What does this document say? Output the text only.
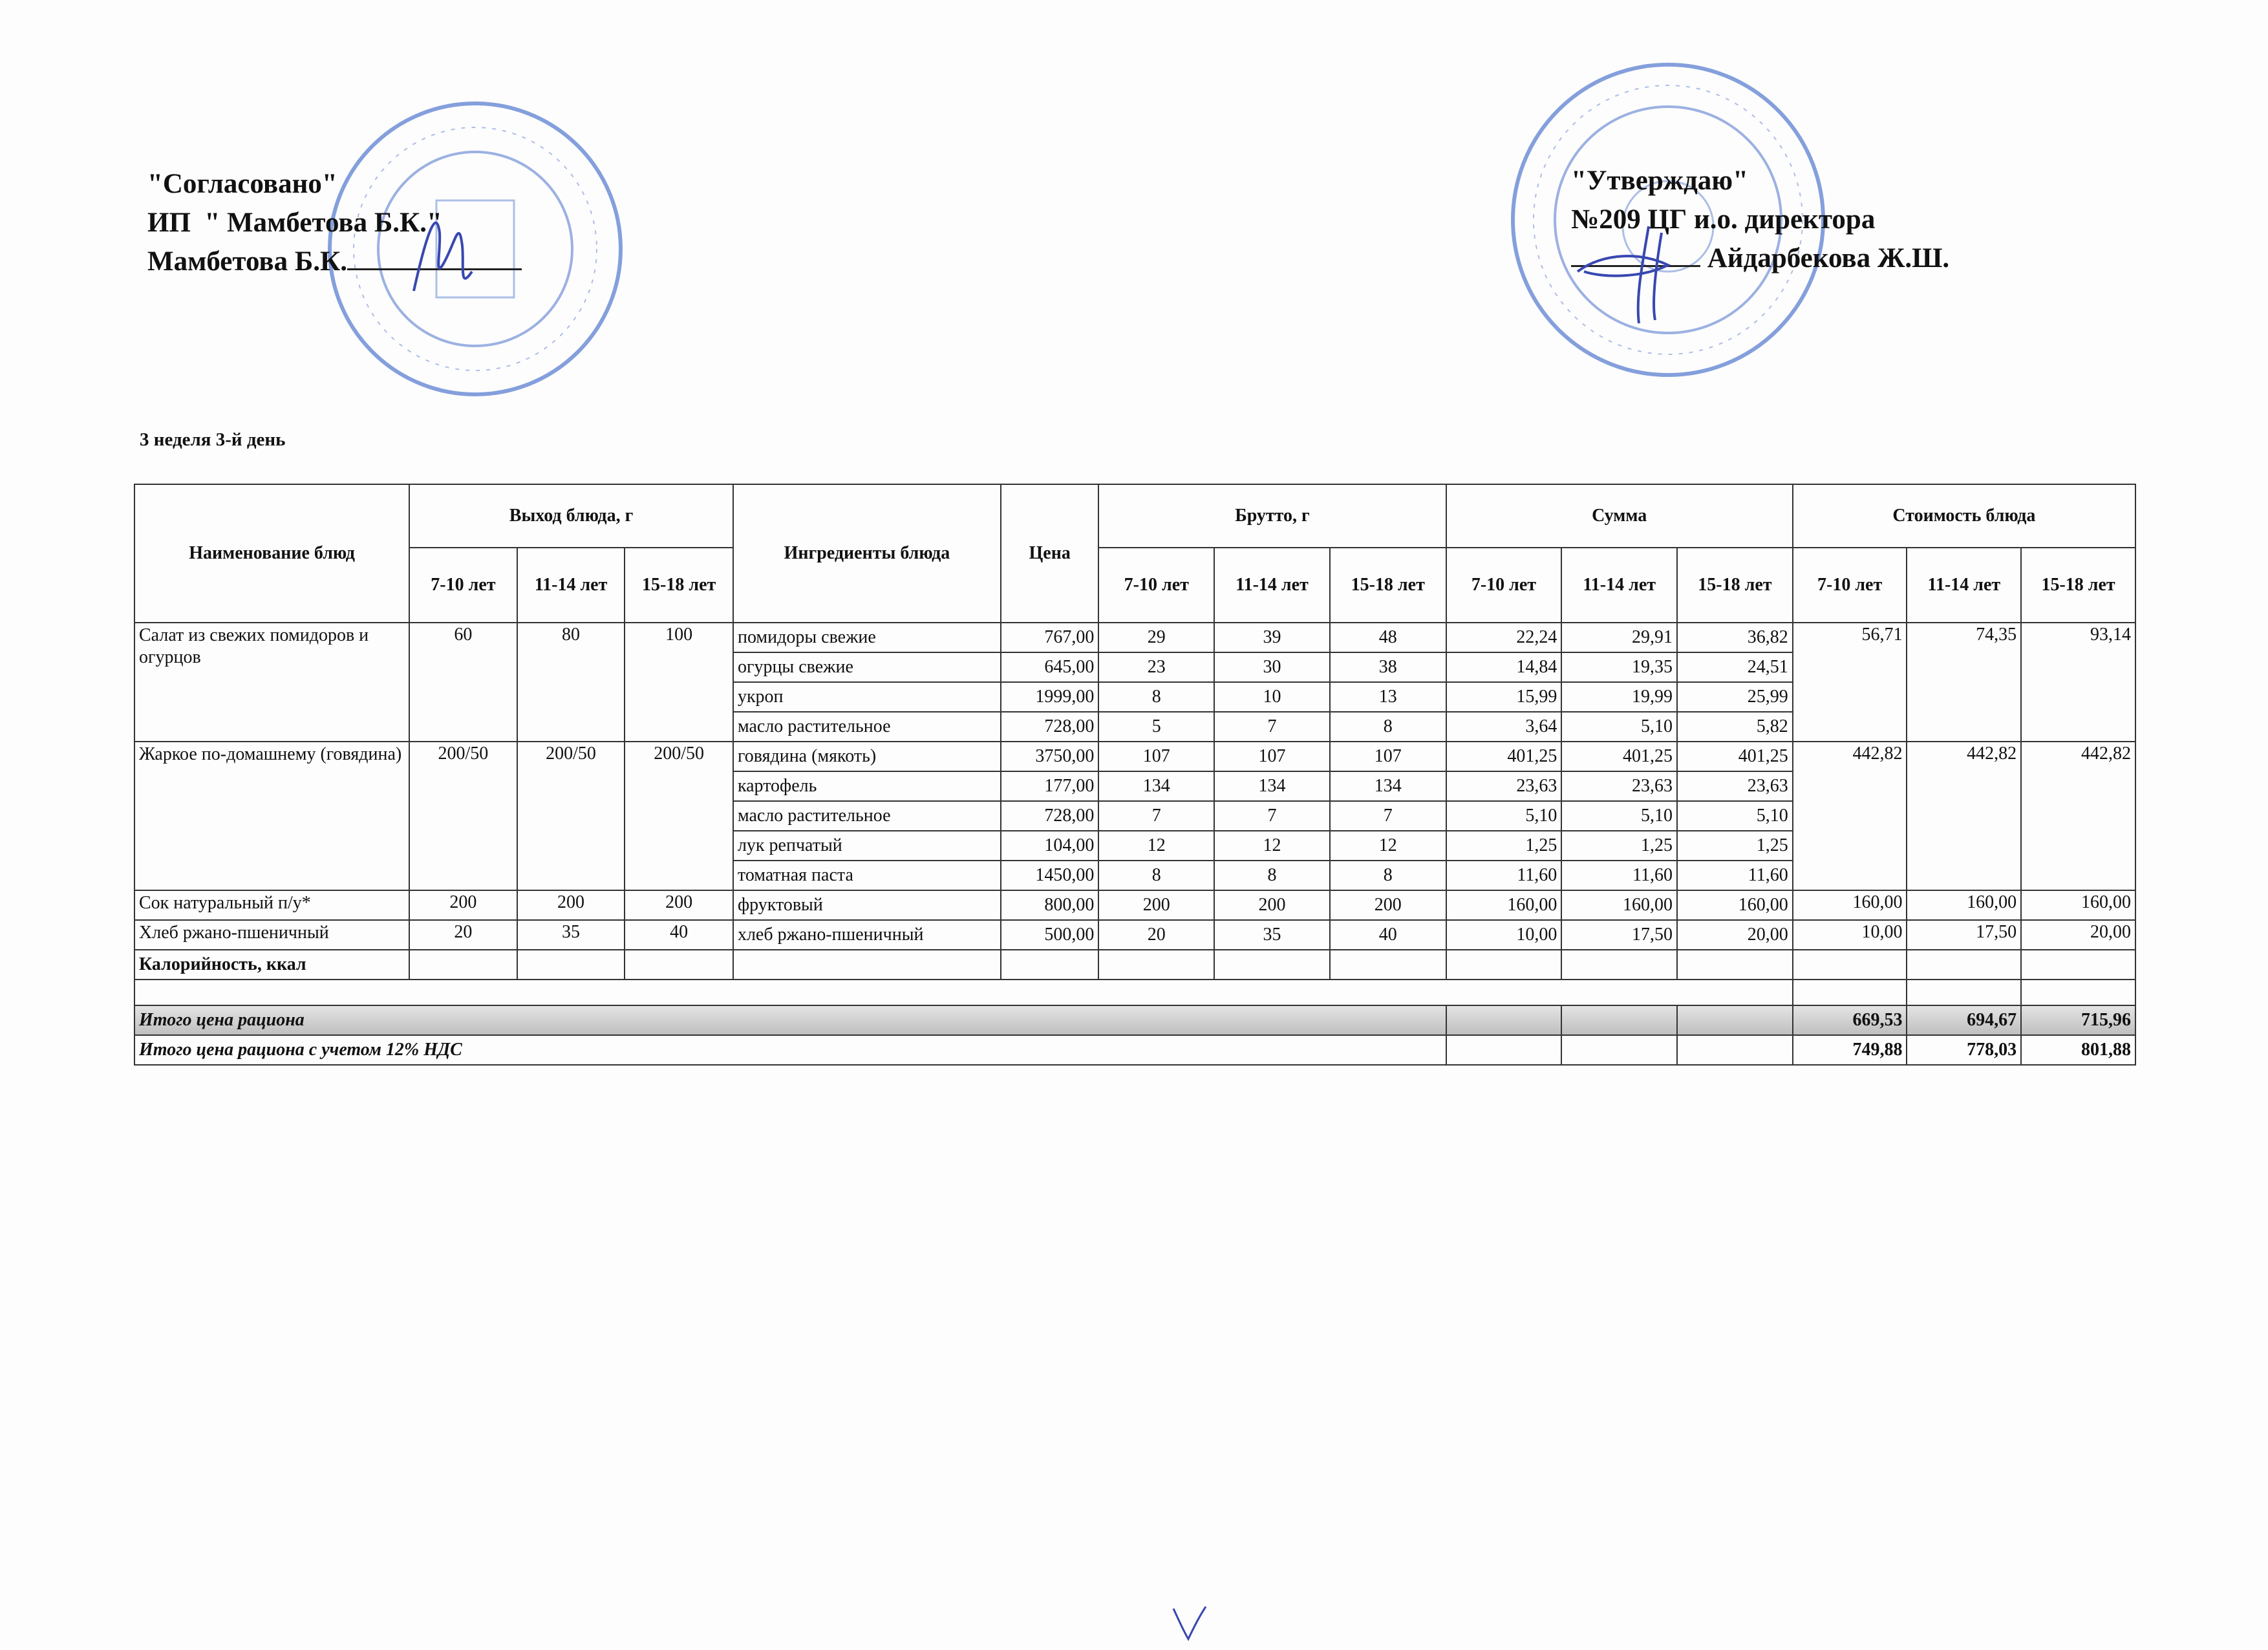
"Согласовано"
ИП  " Мамбетова Б.К."
Мамбетова Б.К.
"Утверждаю"
№209 ЦГ и.о. директора
Айдарбекова Ж.Ш.
3 неделя 3-й день
Наименование блюд	Выход блюда, г			Ингредиенты блюда	Цена	Брутто, г			Сумма			Стоимость блюда		
	7-10 лет	11-14 лет	15-18 лет			7-10 лет	11-14 лет	15-18 лет	7-10 лет	11-14 лет	15-18 лет	7-10 лет	11-14 лет	15-18 лет
Салат из свежих помидоров и огурцов	60	80	100	помидоры свежие	767,00	29	39	48	22,24	29,91	36,82	56,71	74,35	93,14
				огурцы свежие	645,00	23	30	38	14,84	19,35	24,51			
				укроп	1999,00	8	10	13	15,99	19,99	25,99			
				масло растительное	728,00	5	7	8	3,64	5,10	5,82			
Жаркое по-домашнему (говядина)	200/50	200/50	200/50	говядина (мякоть)	3750,00	107	107	107	401,25	401,25	401,25	442,82	442,82	442,82
				картофель	177,00	134	134	134	23,63	23,63	23,63			
				масло растительное	728,00	7	7	7	5,10	5,10	5,10			
				лук репчатый	104,00	12	12	12	1,25	1,25	1,25			
				томатная паста	1450,00	8	8	8	11,60	11,60	11,60			
Сок натуральный п/у*	200	200	200	фруктовый	800,00	200	200	200	160,00	160,00	160,00	160,00	160,00	160,00
Хлеб ржано-пшеничный	20	35	40	хлеб ржано-пшеничный	500,00	20	35	40	10,00	17,50	20,00	10,00	17,50	20,00
Калорийность, ккал														

Итого цена рациона												669,53	694,67	715,96
Итого цена рациона с учетом 12% НДС												749,88	778,03	801,88
